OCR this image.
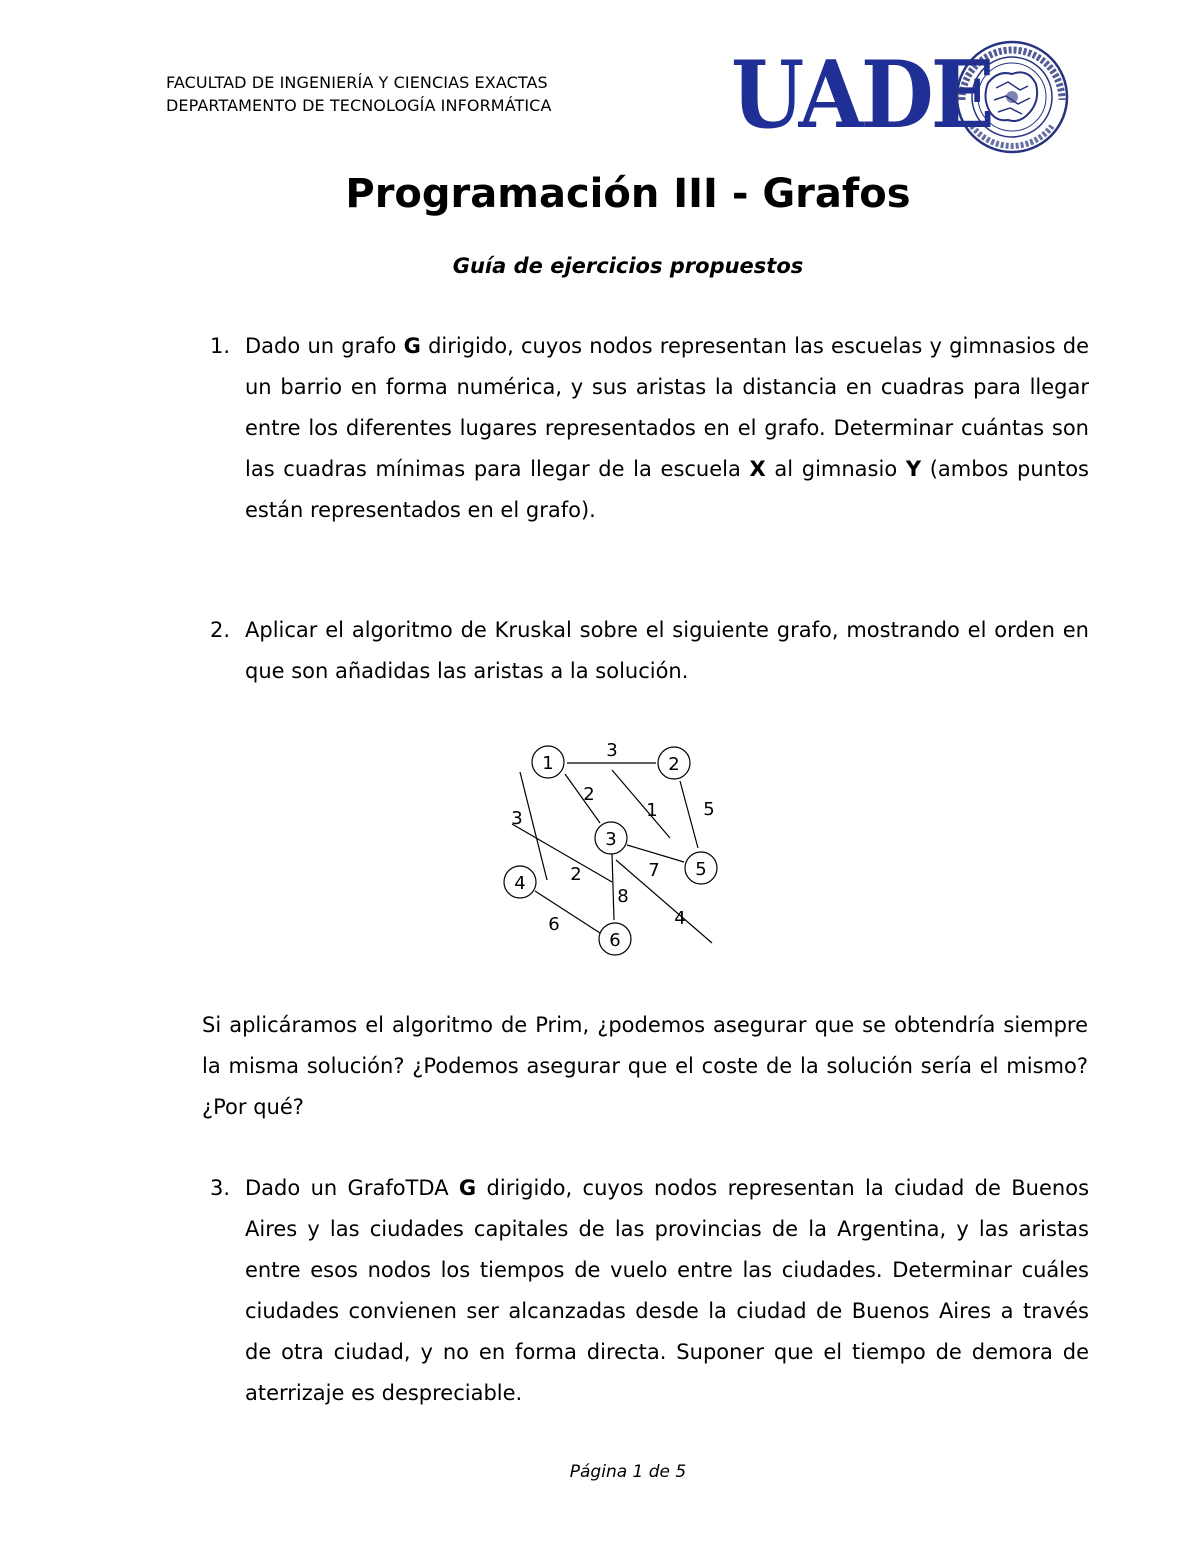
FACULTAD DE INGENIERÍA Y CIENCIAS EXACTAS
DEPARTAMENTO DE TECNOLOGÍA INFORMÁTICA UADE
Programación III - Grafos
Guía de ejercicios propuestos
1. Dado un grafo G dirigido, cuyos nodos representan las escuelas y gimnasios de un barrio en forma numérica, y sus aristas la distancia en cuadras para llegar entre los diferentes lugares representados en el grafo. Determinar cuántas son las cuadras mínimas para llegar de la escuela X al gimnasio Y (ambos puntos están representados en el grafo).
2. Aplicar el algoritmo de Kruskal sobre el siguiente grafo, mostrando el orden en que son añadidas las aristas a la solución.
1	2
3
4
5
6
3
2
1	5
3
2	7
8
4
6
Si aplicáramos el algoritmo de Prim, ¿podemos asegurar que se obtendría siempre la misma solución? ¿Podemos asegurar que el coste de la solución sería el mismo? ¿Por qué?
3. Dado un GrafoTDA G dirigido, cuyos nodos representan la ciudad de Buenos Aires y las ciudades capitales de las provincias de la Argentina, y las aristas entre esos nodos los tiempos de vuelo entre las ciudades. Determinar cuáles ciudades convienen ser alcanzadas desde la ciudad de Buenos Aires a través de otra ciudad, y no en forma directa. Suponer que el tiempo de demora de aterrizaje es despreciable.
Página 1 de 5
